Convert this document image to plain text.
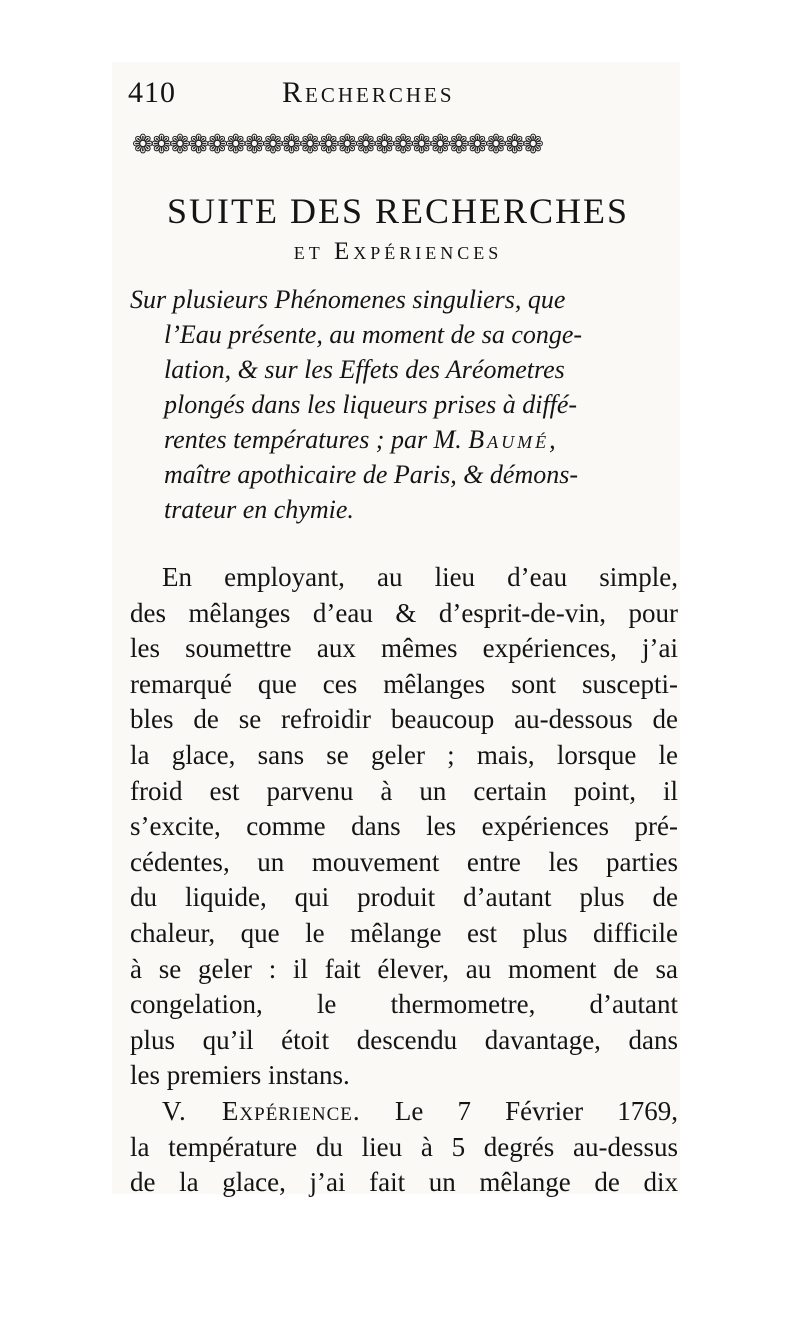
410	Recherches
❁❁❁❁❁❁❁❁❁❁❁❁❁❁❁❁❁❁❁❁❁❁
SUITE DES RECHERCHES
et Expériences
Sur plusieurs Phénomenes singuliers, que
l’Eau présente, au moment de sa conge-
lation, & sur les Effets des Aréometres
plongés dans les liqueurs prises à diffé-
rentes températures ; par M. Baumé,
maître apothicaire de Paris, & démons-
trateur en chymie.
En employant, au lieu d’eau simple,
des mêlanges d’eau & d’esprit-de-vin, pour
les soumettre aux mêmes expériences, j’ai
remarqué que ces mêlanges sont suscepti-
bles de se refroidir beaucoup au-dessous de
la glace, sans se geler ; mais, lorsque le
froid est parvenu à un certain point, il
s’excite, comme dans les expériences pré-
cédentes, un mouvement entre les parties
du liquide, qui produit d’autant plus de
chaleur, que le mêlange est plus difficile
à se geler : il fait élever, au moment de sa
congelation, le thermometre, d’autant
plus qu’il étoit descendu davantage, dans
les premiers instans.
V. Expérience. Le 7 Février 1769,
la température du lieu à 5 degrés au-dessus
de la glace, j’ai fait un mêlange de dix
